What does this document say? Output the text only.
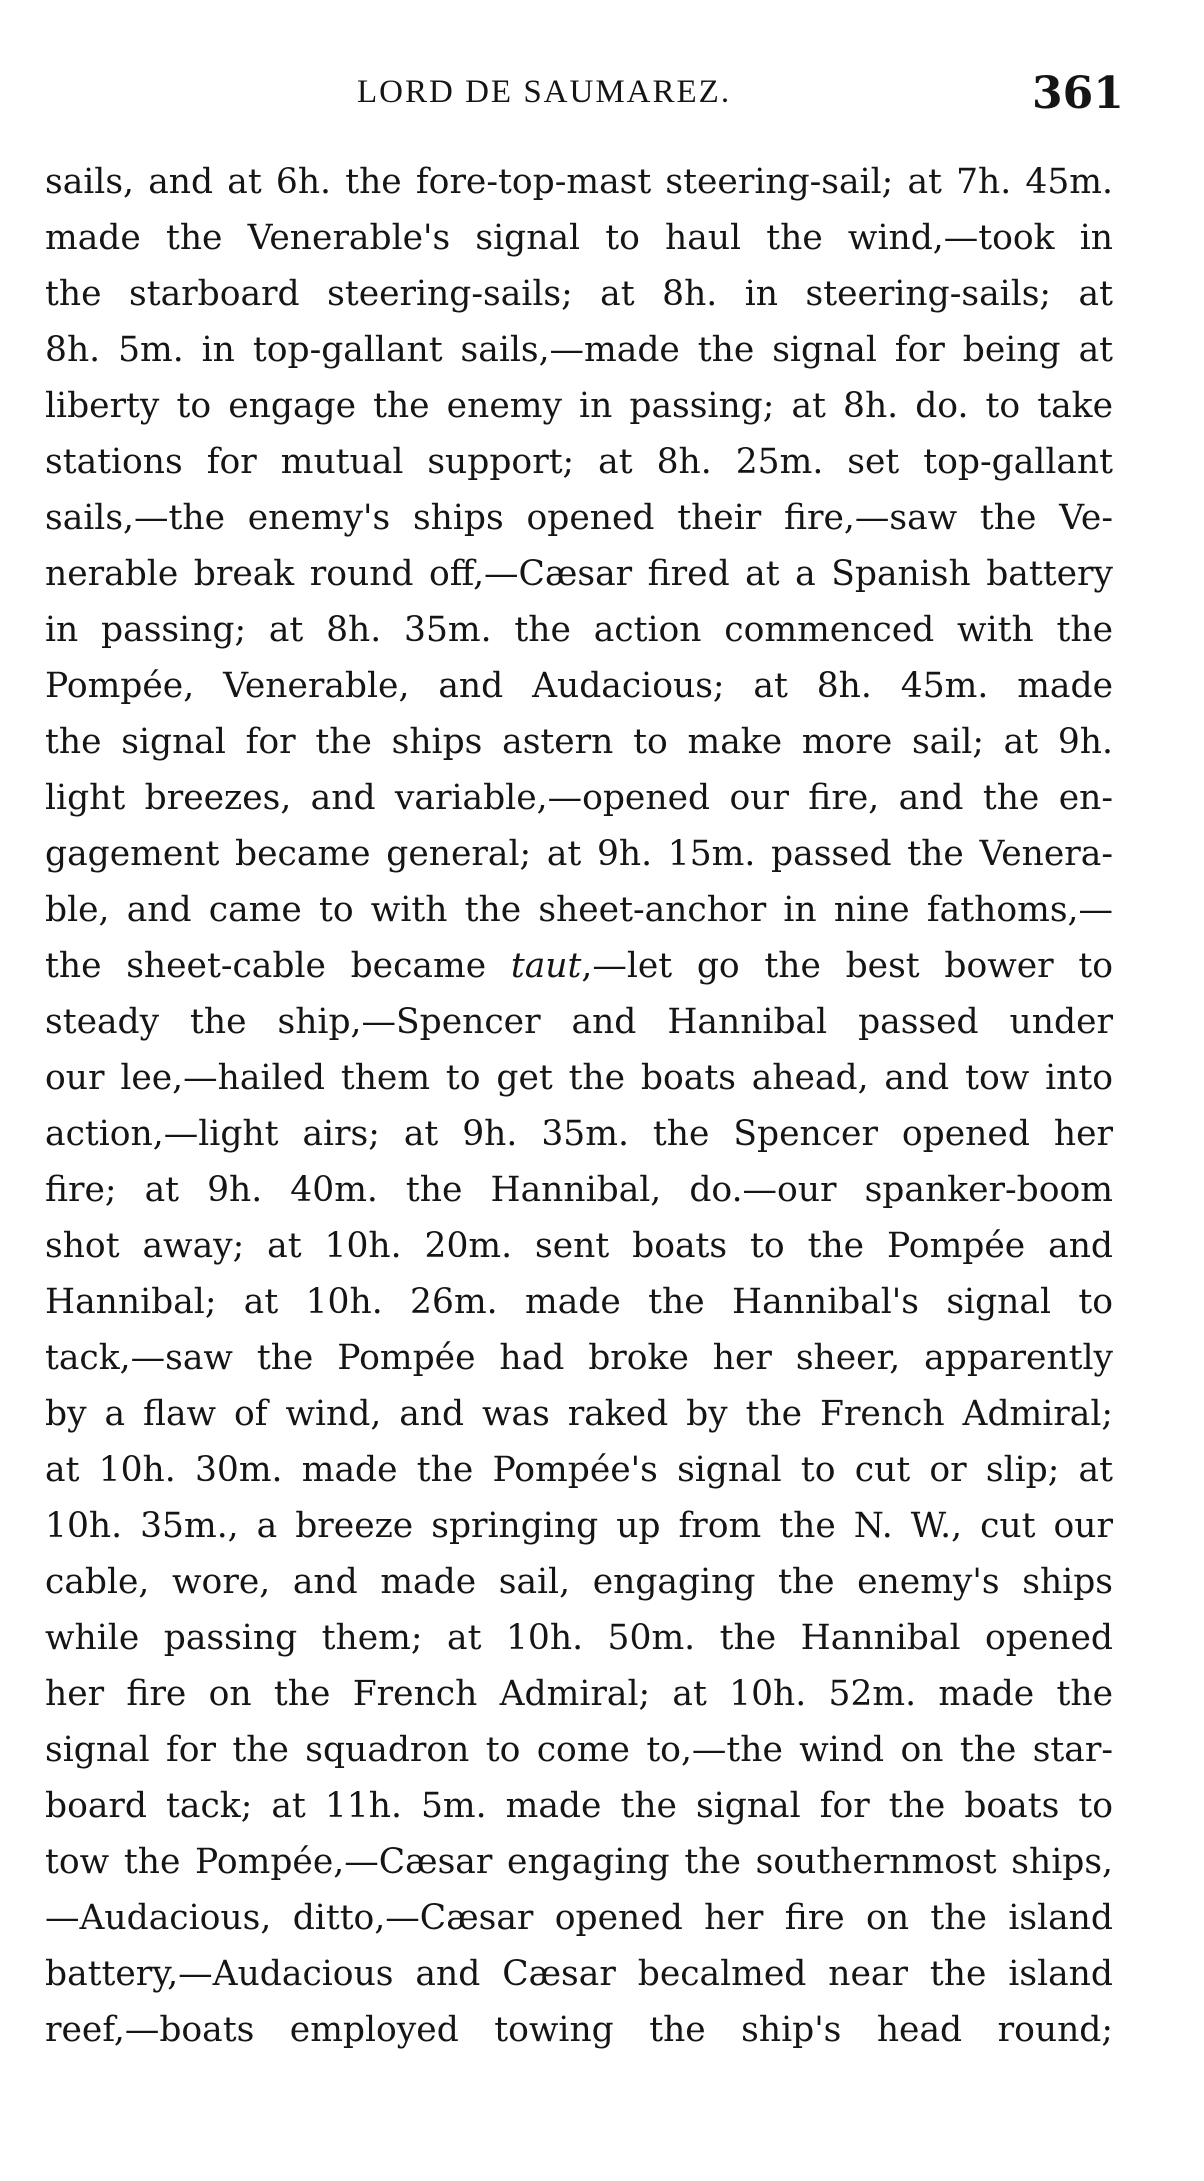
LORD DE SAUMAREZ.	361
sails, and at 6h. the fore-top-mast steering-sail; at 7h. 45m.
made the Venerable's signal to haul the wind,—took in
the starboard steering-sails; at 8h. in steering-sails; at
8h. 5m. in top-gallant sails,—made the signal for being at
liberty to engage the enemy in passing; at 8h. do. to take
stations for mutual support; at 8h. 25m. set top-gallant
sails,—the enemy's ships opened their fire,—saw the Ve-
nerable break round off,—Cæsar fired at a Spanish battery
in passing; at 8h. 35m. the action commenced with the
Pompée, Venerable, and Audacious; at 8h. 45m. made
the signal for the ships astern to make more sail; at 9h.
light breezes, and variable,—opened our fire, and the en-
gagement became general; at 9h. 15m. passed the Venera-
ble, and came to with the sheet-anchor in nine fathoms,—
the sheet-cable became taut,—let go the best bower to
steady the ship,—Spencer and Hannibal passed under
our lee,—hailed them to get the boats ahead, and tow into
action,—light airs; at 9h. 35m. the Spencer opened her
fire; at 9h. 40m. the Hannibal, do.—our spanker-boom
shot away; at 10h. 20m. sent boats to the Pompée and
Hannibal; at 10h. 26m. made the Hannibal's signal to
tack,—saw the Pompée had broke her sheer, apparently
by a flaw of wind, and was raked by the French Admiral;
at 10h. 30m. made the Pompée's signal to cut or slip; at
10h. 35m., a breeze springing up from the N. W., cut our
cable, wore, and made sail, engaging the enemy's ships
while passing them; at 10h. 50m. the Hannibal opened
her fire on the French Admiral; at 10h. 52m. made the
signal for the squadron to come to,—the wind on the star-
board tack; at 11h. 5m. made the signal for the boats to
tow the Pompée,—Cæsar engaging the southernmost ships,
—Audacious, ditto,—Cæsar opened her fire on the island
battery,—Audacious and Cæsar becalmed near the island
reef,—boats employed towing the ship's head round;
